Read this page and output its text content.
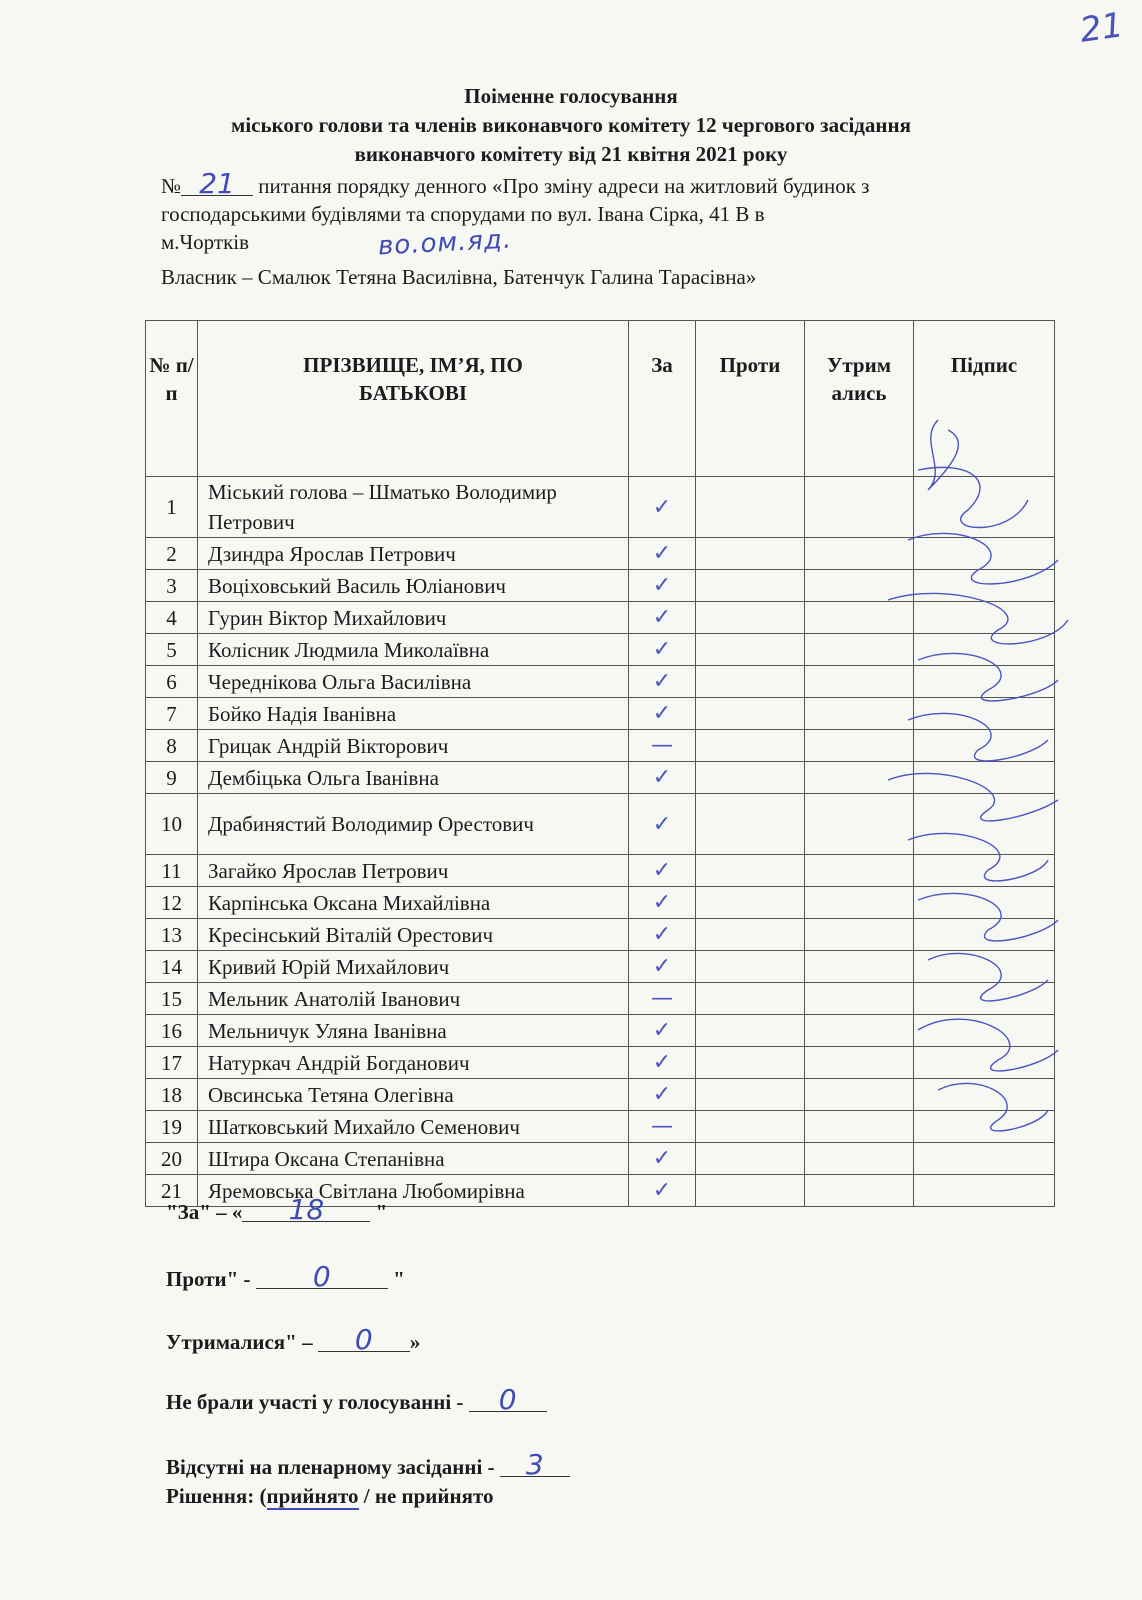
21
Поіменне голосування
міського голови та членів виконавчого комітету 12 чергового засідання
виконавчого комітету від 21 квітня 2021 року
№ 21 питання порядку денного «Про зміну адреси на житловий будинок з
господарськими будівлями та спорудами по вул. Івана Сірка, 41 В в
м.Чортків	во.ом.яд.
Власник – Смалюк Тетяна Василівна, Батенчук Галина Тарасівна»
№ п/п	ПРІЗВИЩЕ, ІМ’Я, ПО БАТЬКОВІ	За	Проти	Утрим ались	Підпис
1	Міський голова – Шматько Володимир Петрович	✓			
2	Дзиндра Ярослав Петрович	✓			
3	Воціховський Василь Юліанович	✓			
4	Гурин Віктор Михайлович	✓			
5	Колісник Людмила Миколаївна	✓			
6	Череднікова Ольга Василівна	✓			
7	Бойко Надія Іванівна	✓			
8	Грицак Андрій Вікторович	—			
9	Дембіцька Ольга Іванівна	✓			
10	Драбинястий Володимир Орестович	✓			
11	Загайко Ярослав Петрович	✓			
12	Карпінська Оксана Михайлівна	✓			
13	Кресінський Віталій Орестович	✓			
14	Кривий Юрій Михайлович	✓			
15	Мельник Анатолій Іванович	—			
16	Мельничук Уляна Іванівна	✓			
17	Натуркач Андрій Богданович	✓			
18	Овсинська Тетяна Олегівна	✓			
19	Шатковський Михайло Семенович	—			
20	Штира Оксана Степанівна	✓			
21	Яремовська Світлана Любомирівна	✓			
"За" – « 18 "
Проти" - 0	"
Утрималися" – 0 »
Не брали участі у голосуванні - 0
Відсутні на пленарному засіданні - 3
Рішення: (прийнято / не прийнято
